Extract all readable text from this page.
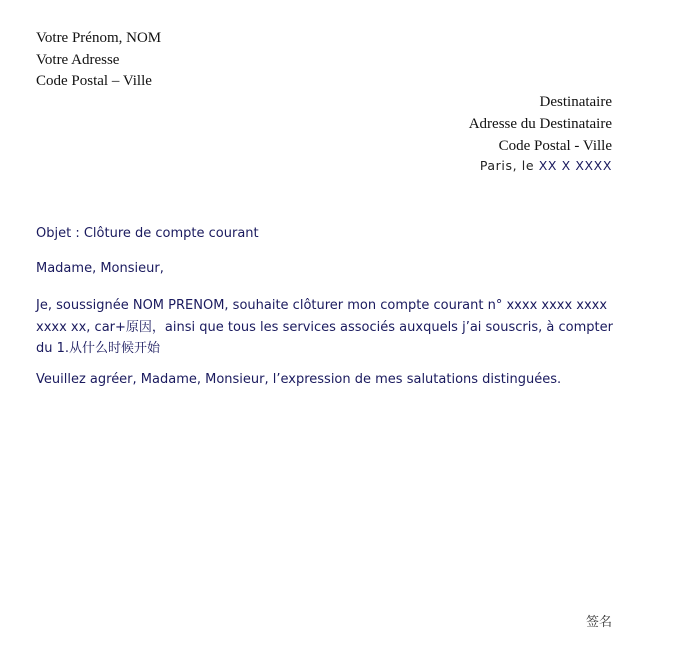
Votre Prénom, NOM
Votre Adresse
Code Postal – Ville
Destinataire
Adresse du Destinataire
Code Postal - Ville
Paris, le XX X XXXX
Objet : Clôture de compte courant
Madame, Monsieur,
Je, soussignée NOM PRENOM, souhaite clôturer mon compte courant n° xxxx xxxx xxxx xxxx xx, car+原因，ainsi que tous les services associés auxquels j’ai souscris, à compter du 1.从什么时候开始
Veuillez agréer, Madame, Monsieur, l’expression de mes salutations distinguées.
签名
